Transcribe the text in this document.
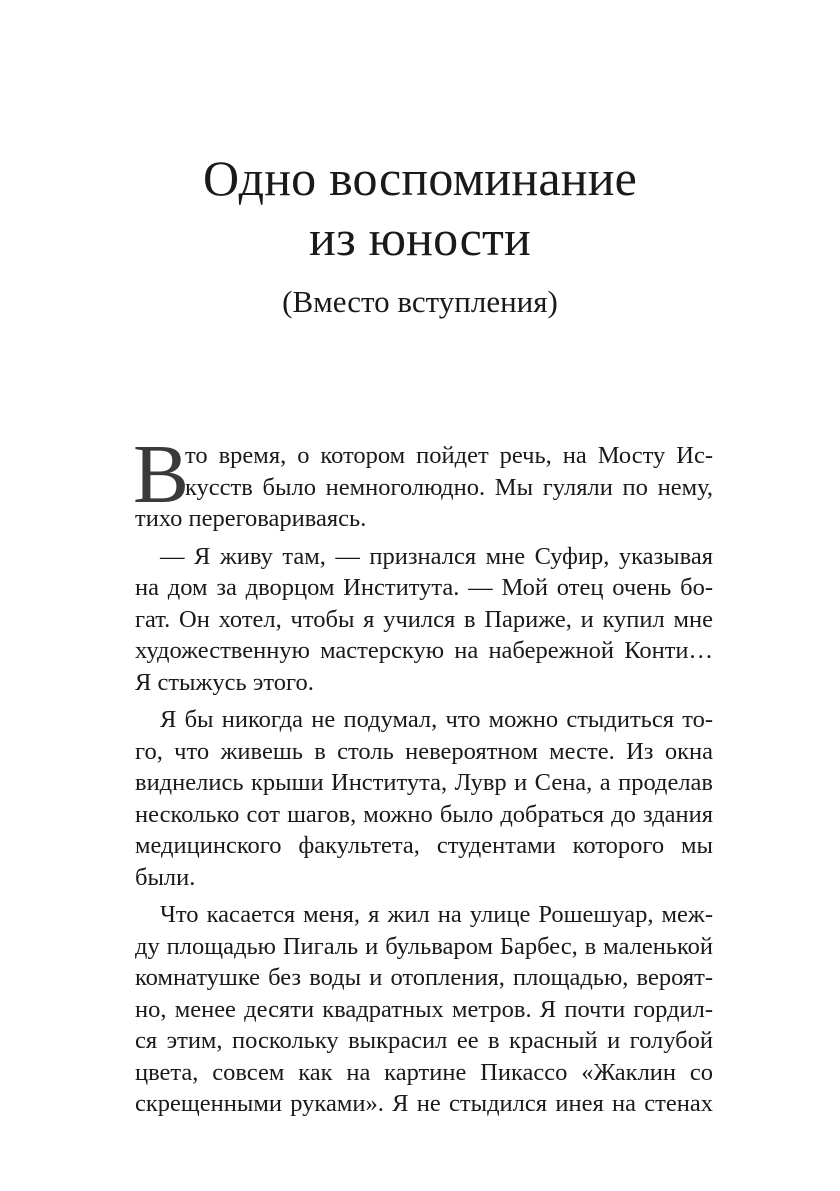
Одно воспоминание
из юности
(Вместо вступления)
В
то время, о котором пойдет речь, на Мосту Ис-
кусств было немноголюдно. Мы гуляли по нему,
тихо переговариваясь.
— Я живу там, — признался мне Суфир, указывая
на дом за дворцом Института. — Мой отец очень бо-
гат. Он хотел, чтобы я учился в Париже, и купил мне
художественную мастерскую на набережной Конти…
Я стыжусь этого.
Я бы никогда не подумал, что можно стыдиться то-
го, что живешь в столь невероятном месте. Из окна
виднелись крыши Института, Лувр и Сена, а проделав
несколько сот шагов, можно было добраться до здания
медицинского факультета, студентами которого мы
были.
Что касается меня, я жил на улице Рошешуар, меж-
ду площадью Пигаль и бульваром Барбес, в маленькой
комнатушке без воды и отопления, площадью, вероят-
но, менее десяти квадратных метров. Я почти гордил-
ся этим, поскольку выкрасил ее в красный и голубой
цвета, совсем как на картине Пикассо «Жаклин со
скрещенными руками». Я не стыдился инея на стенах
